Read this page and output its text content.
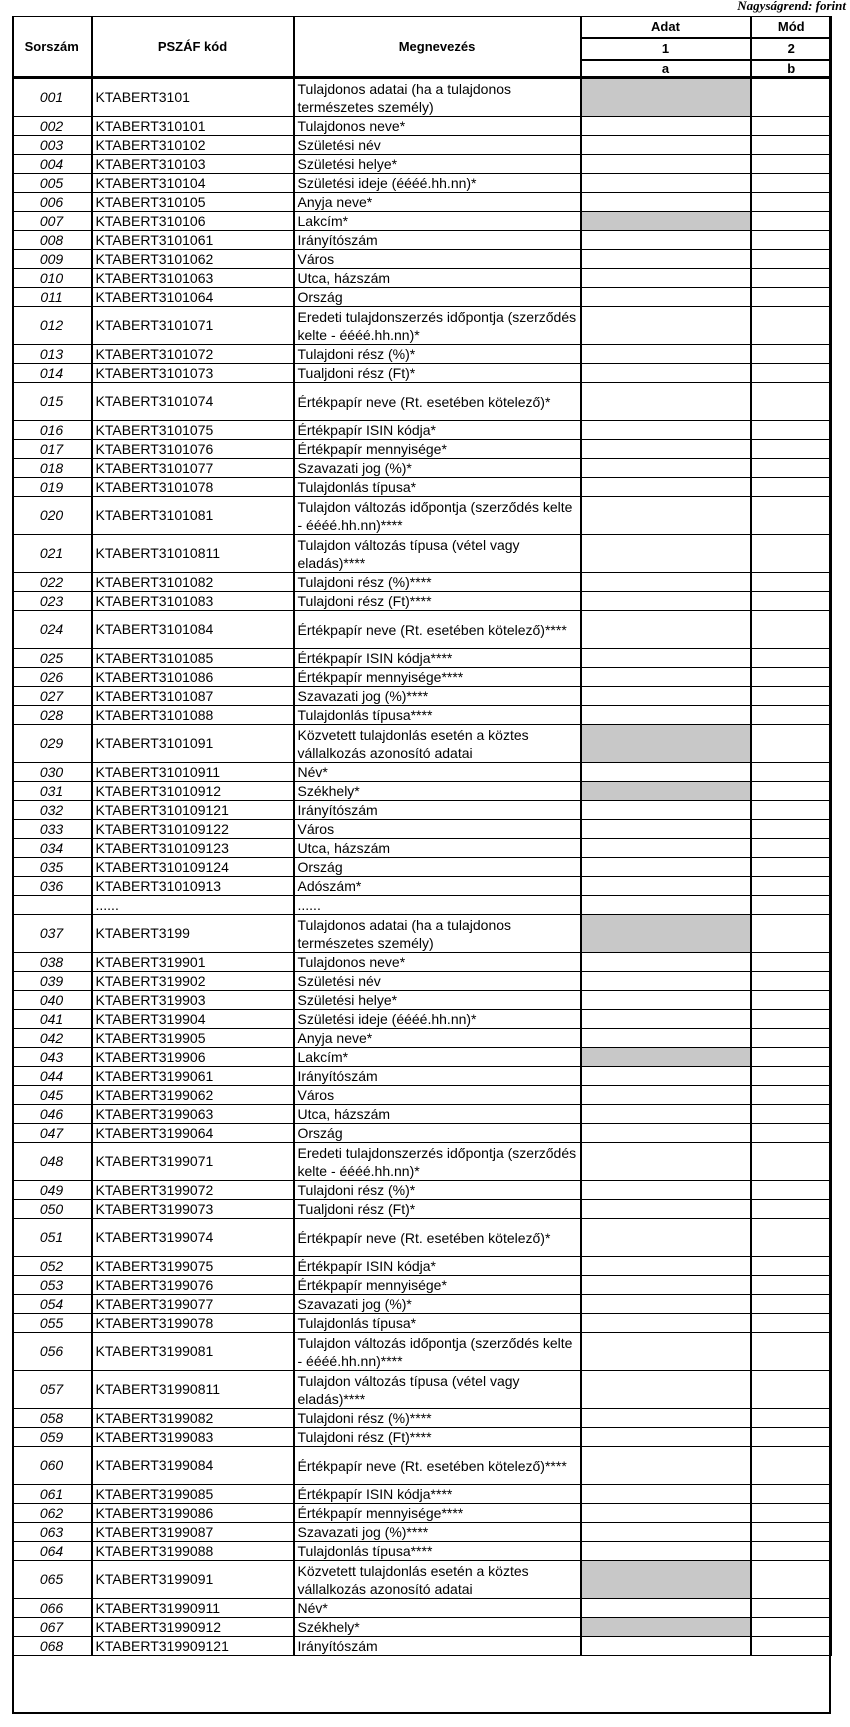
Nagyságrend: forint
Sorszám	PSZÁF kód	Megnevezés	Adat	Mód
			1	2
			a	b
001	KTABERT3101	Tulajdonos adatai (ha a tulajdonos természetes személy)		
002	KTABERT310101	Tulajdonos neve*		
003	KTABERT310102	Születési név		
004	KTABERT310103	Születési helye*		
005	KTABERT310104	Születési ideje (éééé.hh.nn)*		
006	KTABERT310105	Anyja neve*		
007	KTABERT310106	Lakcím*		
008	KTABERT3101061	Irányítószám		
009	KTABERT3101062	Város		
010	KTABERT3101063	Utca, házszám		
011	KTABERT3101064	Ország		
012	KTABERT3101071	Eredeti tulajdonszerzés időpontja (szerződés kelte - éééé.hh.nn)*		
013	KTABERT3101072	Tulajdoni rész (%)*		
014	KTABERT3101073	Tualjdoni rész (Ft)*		
015	KTABERT3101074	Értékpapír neve (Rt. esetében kötelező)*		
016	KTABERT3101075	Értékpapír ISIN kódja*		
017	KTABERT3101076	Értékpapír mennyisége*		
018	KTABERT3101077	Szavazati jog (%)*		
019	KTABERT3101078	Tulajdonlás típusa*		
020	KTABERT3101081	Tulajdon változás időpontja (szerződés kelte - éééé.hh.nn)****		
021	KTABERT31010811	Tulajdon változás típusa (vétel vagy eladás)****		
022	KTABERT3101082	Tulajdoni rész (%)****		
023	KTABERT3101083	Tulajdoni rész (Ft)****		
024	KTABERT3101084	Értékpapír neve (Rt. esetében kötelező)****		
025	KTABERT3101085	Értékpapír ISIN kódja****		
026	KTABERT3101086	Értékpapír mennyisége****		
027	KTABERT3101087	Szavazati jog (%)****		
028	KTABERT3101088	Tulajdonlás típusa****		
029	KTABERT3101091	Közvetett tulajdonlás esetén a köztes vállalkozás azonosító adatai		
030	KTABERT31010911	Név*		
031	KTABERT31010912	Székhely*		
032	KTABERT310109121	Irányítószám		
033	KTABERT310109122	Város		
034	KTABERT310109123	Utca, házszám		
035	KTABERT310109124	Ország		
036	KTABERT31010913	Adószám*		
	......	......		
037	KTABERT3199	Tulajdonos adatai (ha a tulajdonos természetes személy)		
038	KTABERT319901	Tulajdonos neve*		
039	KTABERT319902	Születési név		
040	KTABERT319903	Születési helye*		
041	KTABERT319904	Születési ideje (éééé.hh.nn)*		
042	KTABERT319905	Anyja neve*		
043	KTABERT319906	Lakcím*		
044	KTABERT3199061	Irányítószám		
045	KTABERT3199062	Város		
046	KTABERT3199063	Utca, házszám		
047	KTABERT3199064	Ország		
048	KTABERT3199071	Eredeti tulajdonszerzés időpontja (szerződés kelte - éééé.hh.nn)*		
049	KTABERT3199072	Tulajdoni rész (%)*		
050	KTABERT3199073	Tualjdoni rész (Ft)*		
051	KTABERT3199074	Értékpapír neve (Rt. esetében kötelező)*		
052	KTABERT3199075	Értékpapír ISIN kódja*		
053	KTABERT3199076	Értékpapír mennyisége*		
054	KTABERT3199077	Szavazati jog (%)*		
055	KTABERT3199078	Tulajdonlás típusa*		
056	KTABERT3199081	Tulajdon változás időpontja (szerződés kelte - éééé.hh.nn)****		
057	KTABERT31990811	Tulajdon változás típusa (vétel vagy eladás)****		
058	KTABERT3199082	Tulajdoni rész (%)****		
059	KTABERT3199083	Tulajdoni rész (Ft)****		
060	KTABERT3199084	Értékpapír neve (Rt. esetében kötelező)****		
061	KTABERT3199085	Értékpapír ISIN kódja****		
062	KTABERT3199086	Értékpapír mennyisége****		
063	KTABERT3199087	Szavazati jog (%)****		
064	KTABERT3199088	Tulajdonlás típusa****		
065	KTABERT3199091	Közvetett tulajdonlás esetén a köztes vállalkozás azonosító adatai		
066	KTABERT31990911	Név*		
067	KTABERT31990912	Székhely*		
068	KTABERT319909121	Irányítószám		
